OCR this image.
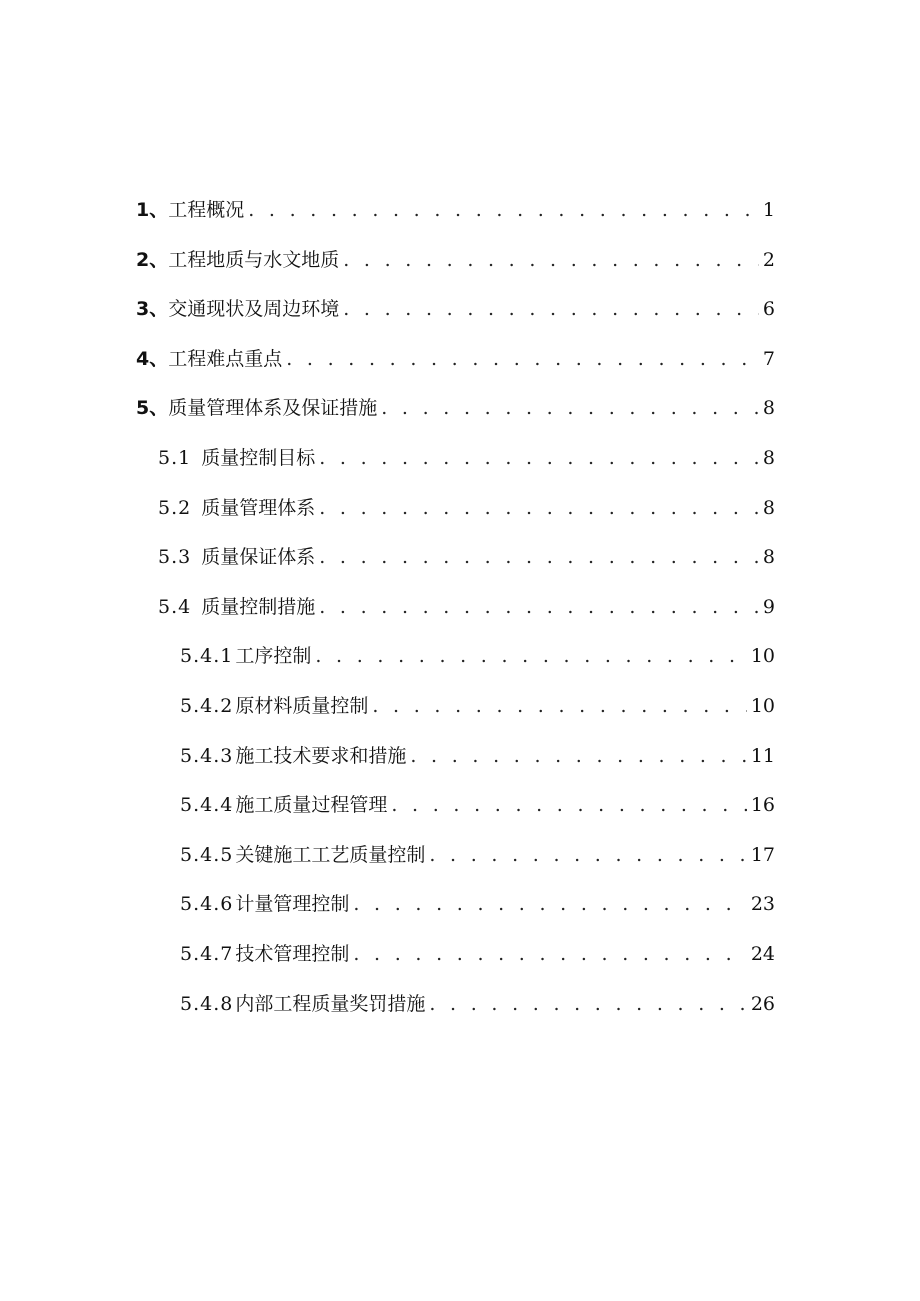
1、 工程概况 . . .	1
2、 工程地质与水文地质 . . .	2
3、 交通现状及周边环境 . . .	6
4、 工程难点重点 . . .	7
5、 质量管理体系及保证措施 . . .	8
5.1 质量控制目标 . . .	8
5.2 质量管理体系 . . .	8
5.3 质量保证体系 . . .	8
5.4 质量控制措施 . . .	9
5.4.1 工序控制 . . .	10
5.4.2 原材料质量控制 . . .	10
5.4.3 施工技术要求和措施 . . .	11
5.4.4 施工质量过程管理 . . .	16
5.4.5 关键施工工艺质量控制 . . .	17
5.4.6 计量管理控制 . . .	23
5.4.7 技术管理控制 . . .	24
5.4.8 内部工程质量奖罚措施 . . .	26
